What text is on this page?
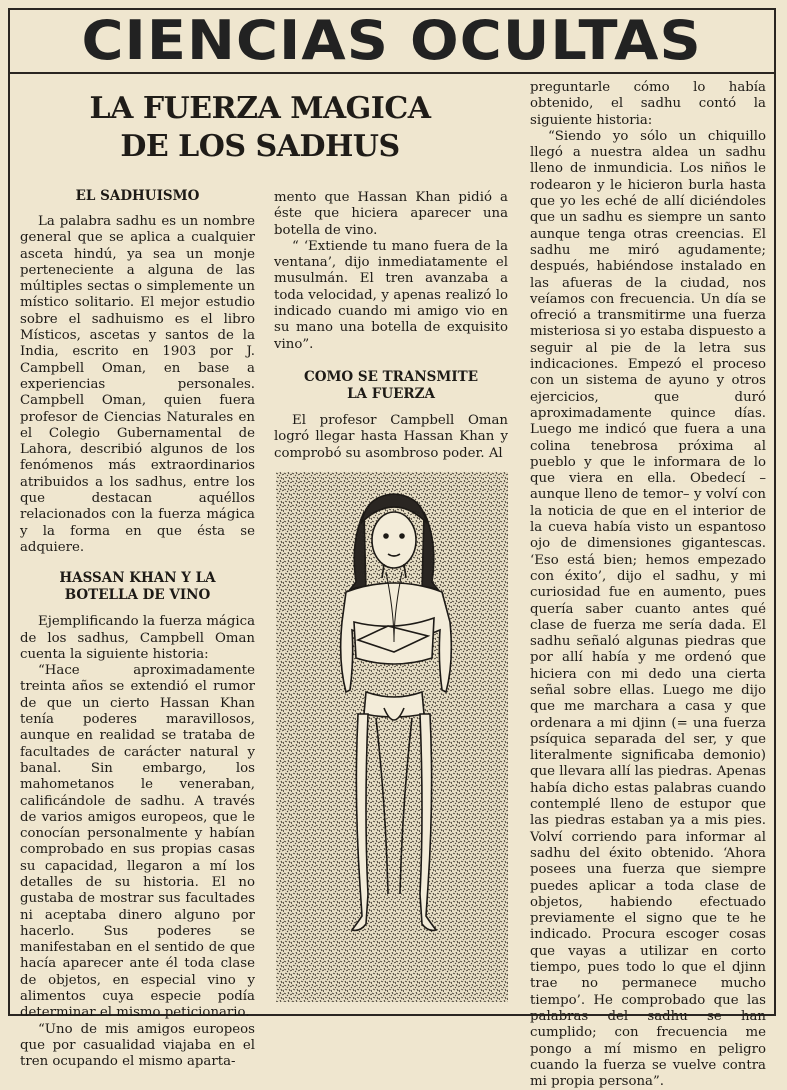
CIENCIAS OCULTAS
LA FUERZA MAGICA
DE LOS SADHUS
EL SADHUISMO

La palabra sadhu es un nombre general que se aplica a cualquier asceta hindú, ya sea un monje perteneciente a alguna de las múltiples sectas o simplemente un místico solitario. El mejor estudio sobre el sadhuismo es el libro Místicos, ascetas y santos de la India, escrito en 1903 por J. Campbell Oman, en base a experiencias personales. Campbell Oman, quien fuera profesor de Ciencias Naturales en el Colegio Gubernamental de Lahora, describió algunos de los fenómenos más extraordinarios atribuidos a los sadhus, entre los que destacan aquéllos relacionados con la fuerza mágica y la forma en que ésta se adquiere.

HASSAN KHAN Y LA
BOTELLA DE VINO

Ejemplificando la fuerza mágica de los sadhus, Campbell Oman cuenta la siguiente historia:

“Hace aproximadamente treinta años se extendió el rumor de que un cierto Hassan Khan tenía poderes maravillosos, aunque en realidad se trataba de facultades de carácter natural y banal. Sin embargo, los mahometanos le veneraban, calificándole de sadhu. A través de varios amigos europeos, que le conocían personalmente y habían comprobado en sus propias casas su capacidad, llegaron a mí los detalles de su historia. El no gustaba de mostrar sus facultades ni aceptaba dinero alguno por hacerlo. Sus poderes se manifestaban en el sentido de que hacía aparecer ante él toda clase de objetos, en especial vino y alimentos cuya especie podía determinar el mismo peticionario.

“Uno de mis amigos europeos que por casualidad viajaba en el tren ocupando el mismo aparta-

mento que Hassan Khan pidió a éste que hiciera aparecer una botella de vino.

“ ‘Extiende tu mano fuera de la ventana’, dijo inmediatamente el musulmán. El tren avanzaba a toda velocidad, y apenas realizó lo indicado cuando mi amigo vio en su mano una botella de exquisito vino”.

COMO SE TRANSMITE
LA FUERZA

El profesor Campbell Oman logró llegar hasta Hassan Khan y comprobó su asombroso poder. Al

preguntarle cómo lo había obtenido, el sadhu contó la siguiente historia:

“Siendo yo sólo un chiquillo llegó a nuestra aldea un sadhu lleno de inmundicia. Los niños le rodearon y le hicieron burla hasta que yo les eché de allí diciéndoles que un sadhu es siempre un santo aunque tenga otras creencias. El sadhu me miró agudamente; después, habiéndose instalado en las afueras de la ciudad, nos veíamos con frecuencia. Un día se ofreció a transmitirme una fuerza misteriosa si yo estaba dispuesto a seguir al pie de la letra sus indicaciones. Empezó el proceso con un sistema de ayuno y otros ejercicios, que duró aproximadamente quince días. Luego me indicó que fuera a una colina tenebrosa próxima al pueblo y que le informara de lo que viera en ella. Obedecí –aunque lleno de temor– y volví con la noticia de que en el interior de la cueva había visto un espantoso ojo de dimensiones gigantescas. ‘Eso está bien; hemos empezado con éxito’, dijo el sadhu, y mi curiosidad fue en aumento, pues quería saber cuanto antes qué clase de fuerza me sería dada. El sadhu señaló algunas piedras que por allí había y me ordenó que hiciera con mi dedo una cierta señal sobre ellas. Luego me dijo que me marchara a casa y que ordenara a mi djinn (= una fuerza psíquica separada del ser, y que literalmente significaba demonio) que llevara allí las piedras. Apenas había dicho estas palabras cuando contemplé lleno de estupor que las piedras estaban ya a mis pies. Volví corriendo para informar al sadhu del éxito obtenido. ‘Ahora posees una fuerza que siempre puedes aplicar a toda clase de objetos, habiendo efectuado previamente el signo que te he indicado. Procura escoger cosas que vayas a utilizar en corto tiempo, pues todo lo que el djinn trae no permanece mucho tiempo’. He comprobado que las palabras del sadhu se han cumplido; con frecuencia me pongo a mí mismo en peligro cuando la fuerza se vuelve contra mi propia persona”.
